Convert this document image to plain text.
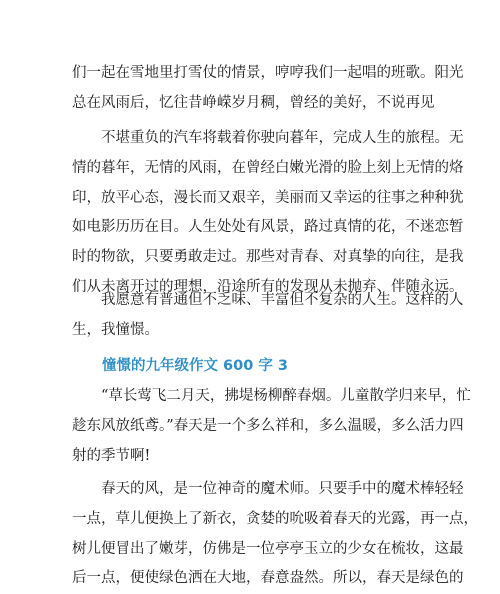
们一起在雪地里打雪仗的情景，哼哼我们一起唱的班歌。阳光
总在风雨后，忆往昔峥嵘岁月稠，曾经的美好，不说再见
　　不堪重负的汽车将载着你驶向暮年，完成人生的旅程。无
情的暮年，无情的风雨，在曾经白嫩光滑的脸上刻上无情的烙
印，放平心态，漫长而又艰辛，美丽而又幸运的往事之种种犹
如电影历历在目。人生处处有风景，路过真情的花，不迷恋暂
时的物欲，只要勇敢走过。那些对青春、对真挚的向往，是我
们从未离开过的理想，沿途所有的发现从未抛弃、伴随永远。
　　我愿意有普通但不乏味、丰富但不复杂的人生。这样的人
生，我憧憬。
憧憬的九年级作文 600 字 3
　　“草长莺飞二月天，拂堤杨柳醉春烟。儿童散学归来早，忙
趁东风放纸鸢。”春天是一个多么祥和，多么温暖，多么活力四
射的季节啊!
　　春天的风，是一位神奇的魔术师。只要手中的魔术棒轻轻
一点，草儿便换上了新衣，贪婪的吮吸着春天的光露，再一点，
树儿便冒出了嫩芽，仿佛是一位亭亭玉立的少女在梳妆，这最
后一点，便使绿色洒在大地，春意盎然。所以，春天是绿色的
